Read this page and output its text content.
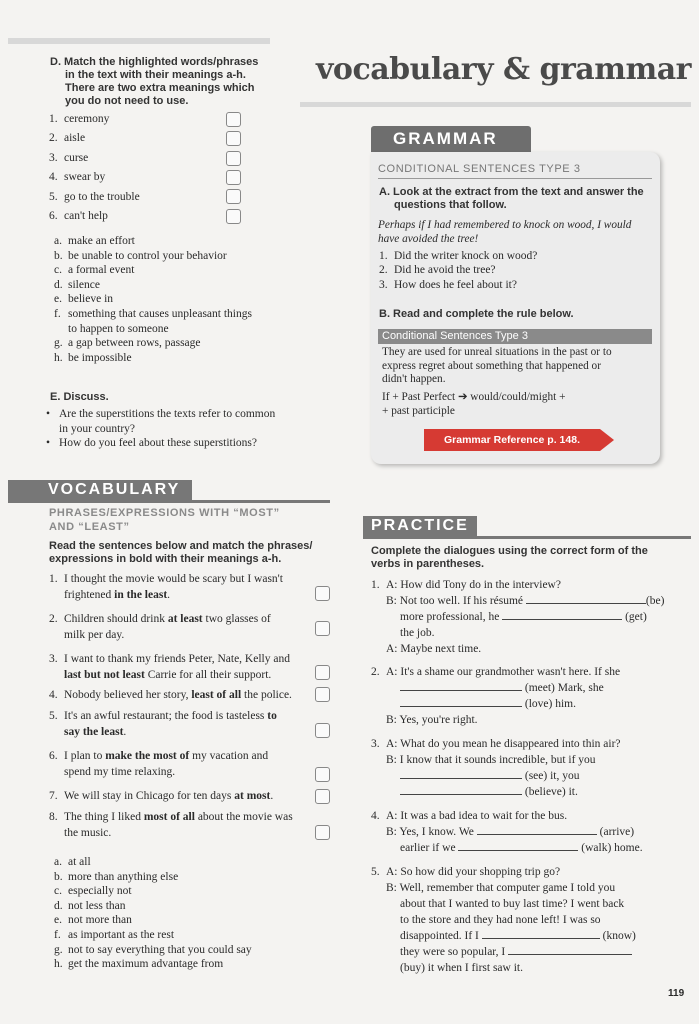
vocabulary & grammar
D. Match the highlighted words/phrases
in the text with their meanings a-h.
There are two extra meanings which
you do not need to use.
1. ceremony
2. aisle
3. curse
4. swear by
5. go to the trouble
6. can't help
a. make an effort
b. be unable to control your behavior
c. a formal event
d. silence
e. believe in
f. something that causes unpleasant things
to happen to someone
g. a gap between rows, passage
h. be impossible
E. Discuss.
• Are the superstitions the texts refer to common
in your country?
• How do you feel about these superstitions?
GRAMMAR
CONDITIONAL SENTENCES TYPE 3
A. Look at the extract from the text and answer the
questions that follow.
Perhaps if I had remembered to knock on wood, I would
have avoided the tree!
1. Did the writer knock on wood?
2. Did he avoid the tree?
3. How does he feel about it?
B. Read and complete the rule below.
Conditional Sentences Type 3
They are used for unreal situations in the past or to
express regret about something that happened or
didn't happen.
If + Past Perfect ➔ would/could/might +
+ past participle
Grammar Reference p. 148.
VOCABULARY
PHRASES/EXPRESSIONS WITH “MOST”
AND “LEAST”
Read the sentences below and match the phrases/
expressions in bold with their meanings a-h.
1. I thought the movie would be scary but I wasn't
frightened in the least.
2. Children should drink at least two glasses of
milk per day.
3. I want to thank my friends Peter, Nate, Kelly and
last but not least Carrie for all their support.
4. Nobody believed her story, least of all the police.
5. It's an awful restaurant; the food is tasteless to
say the least.
6. I plan to make the most of my vacation and
spend my time relaxing.
7. We will stay in Chicago for ten days at most.
8. The thing I liked most of all about the movie was
the music.
a. at all
b. more than anything else
c. especially not
d. not less than
e. not more than
f. as important as the rest
g. not to say everything that you could say
h. get the maximum advantage from
PRACTICE
Complete the dialogues using the correct form of the
verbs in parentheses.
1. A: How did Tony do in the interview?
B: Not too well. If his résumé	(be)
more professional, he	(get)
the job.
A: Maybe next time.
2. A: It's a shame our grandmother wasn't here. If she
(meet) Mark, she
(love) him.
B: Yes, you're right.
3. A: What do you mean he disappeared into thin air?
B: I know that it sounds incredible, but if you
(see) it, you
(believe) it.
4. A: It was a bad idea to wait for the bus.
B: Yes, I know. We	(arrive)
earlier if we	(walk) home.
5. A: So how did your shopping trip go?
B: Well, remember that computer game I told you
about that I wanted to buy last time? I went back
to the store and they had none left! I was so
disappointed. If I	(know)
they were so popular, I
(buy) it when I first saw it.
119
